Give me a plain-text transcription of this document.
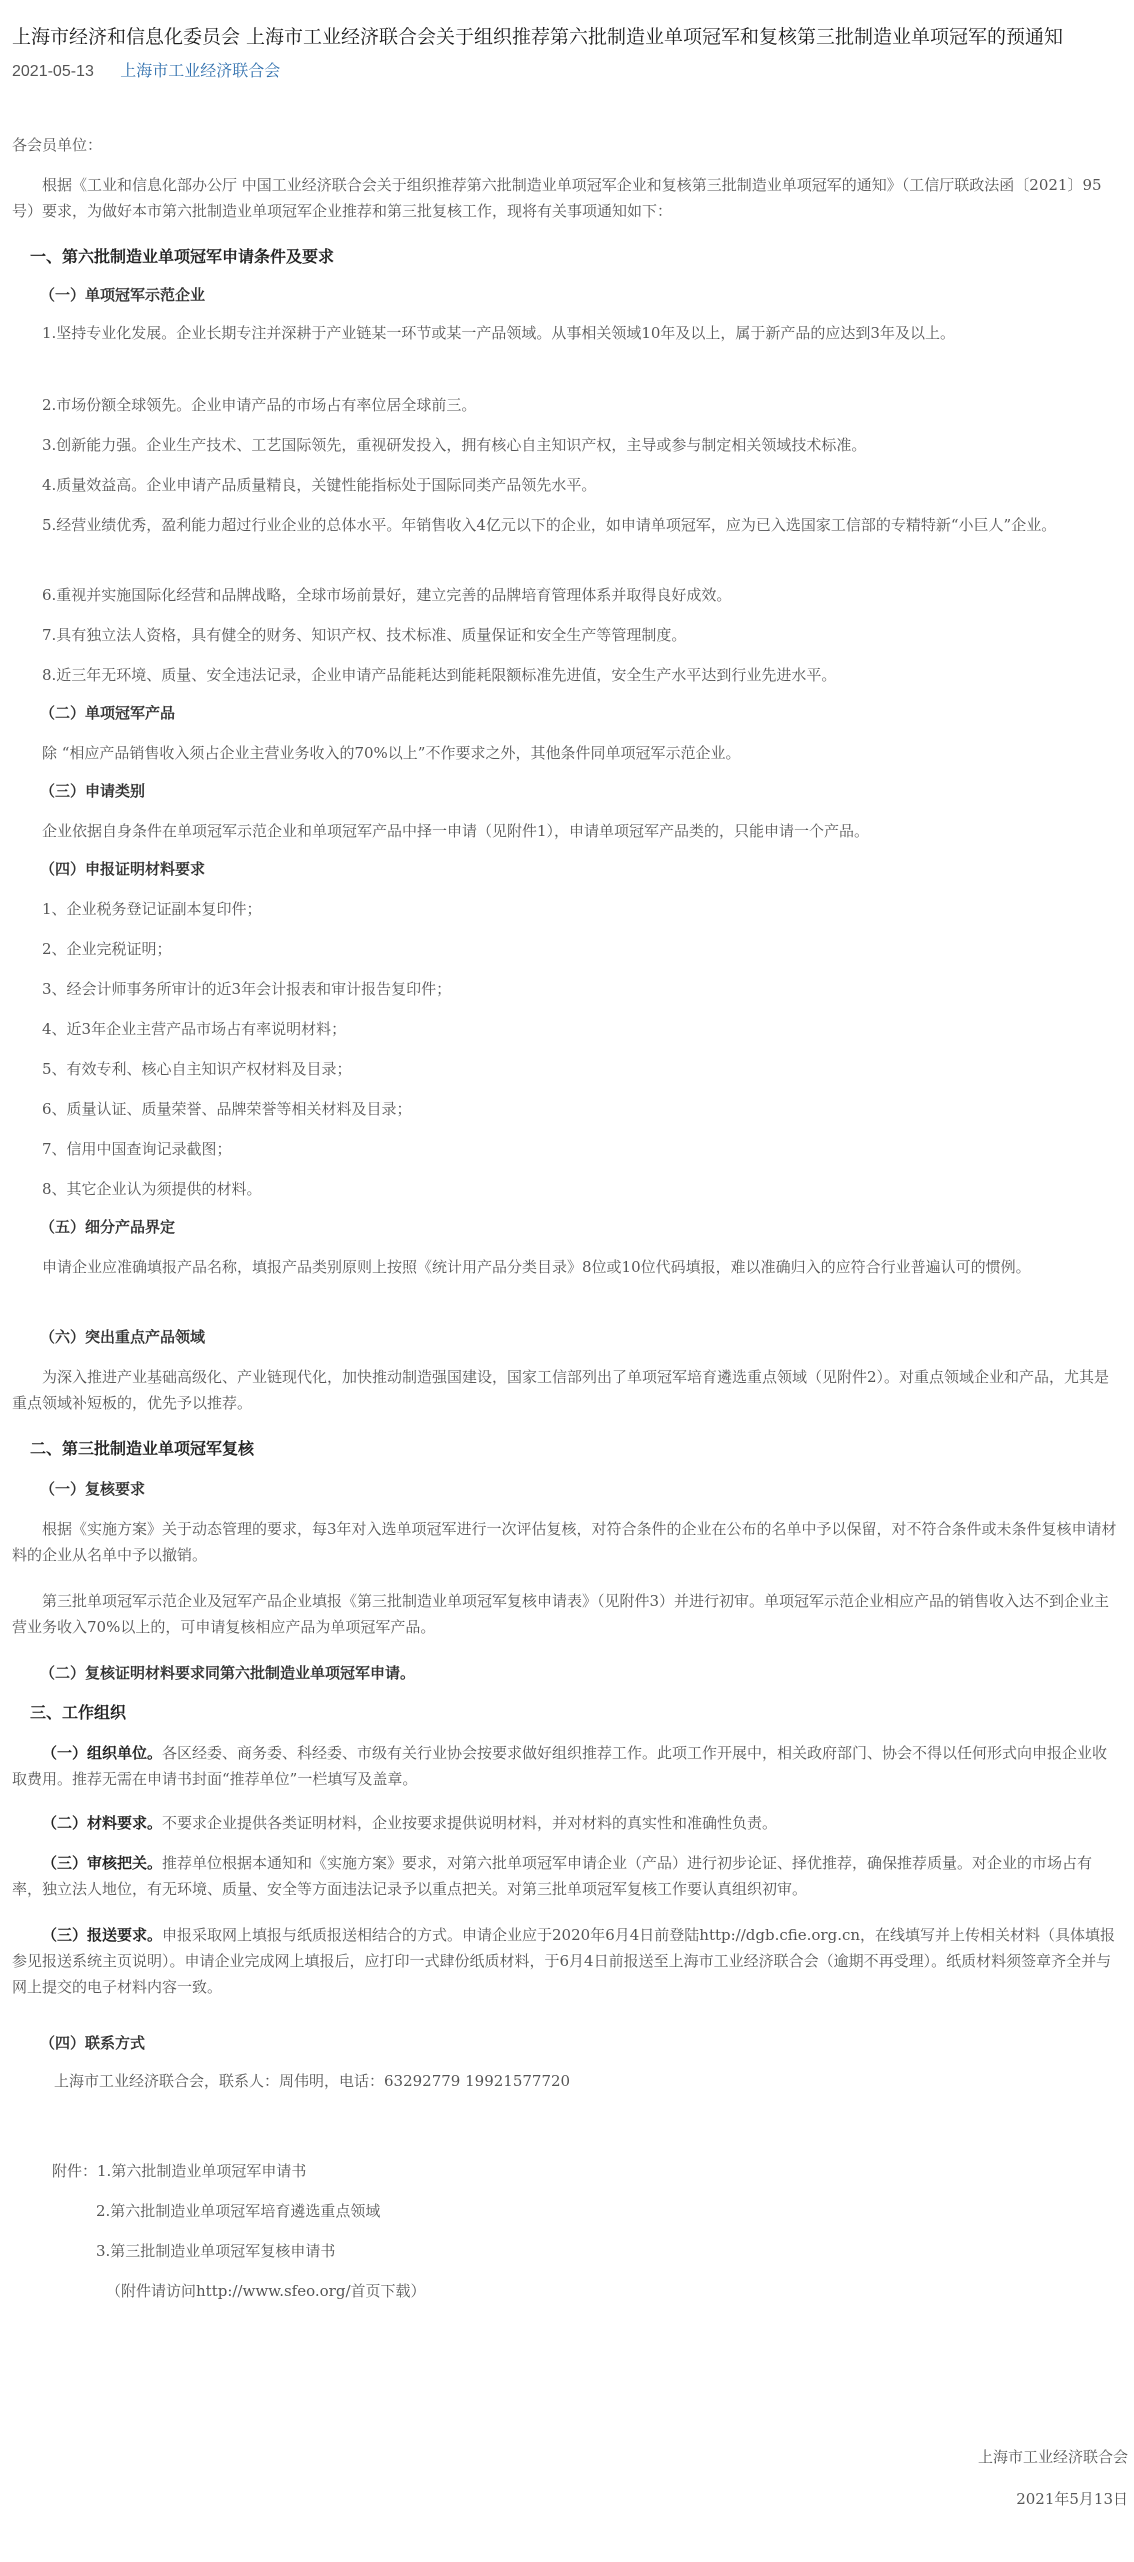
上海市经济和信息化委员会 上海市工业经济联合会关于组织推荐第六批制造业单项冠军和复核第三批制造业单项冠军的预通知
2021-05-13 上海市工业经济联合会
各会员单位：
根据《工业和信息化部办公厅 中国工业经济联合会关于组织推荐第六批制造业单项冠军企业和复核第三批制造业单项冠军的通知》（工信厅联政法函〔2021〕95号）要求，为做好本市第六批制造业单项冠军企业推荐和第三批复核工作，现将有关事项通知如下：
一、第六批制造业单项冠军申请条件及要求
（一）单项冠军示范企业
1.坚持专业化发展。企业长期专注并深耕于产业链某一环节或某一产品领域。从事相关领域10年及以上，属于新产品的应达到3年及以上。
2.市场份额全球领先。企业申请产品的市场占有率位居全球前三。
3.创新能力强。企业生产技术、工艺国际领先，重视研发投入，拥有核心自主知识产权，主导或参与制定相关领域技术标准。
4.质量效益高。企业申请产品质量精良，关键性能指标处于国际同类产品领先水平。
5.经营业绩优秀，盈利能力超过行业企业的总体水平。年销售收入4亿元以下的企业，如申请单项冠军，应为已入选国家工信部的专精特新“小巨人”企业。
6.重视并实施国际化经营和品牌战略，全球市场前景好，建立完善的品牌培育管理体系并取得良好成效。
7.具有独立法人资格，具有健全的财务、知识产权、技术标准、质量保证和安全生产等管理制度。
8.近三年无环境、质量、安全违法记录，企业申请产品能耗达到能耗限额标准先进值，安全生产水平达到行业先进水平。
（二）单项冠军产品
除 “相应产品销售收入须占企业主营业务收入的70%以上”不作要求之外，其他条件同单项冠军示范企业。
（三）申请类别
企业依据自身条件在单项冠军示范企业和单项冠军产品中择一申请（见附件1），申请单项冠军产品类的，只能申请一个产品。
（四）申报证明材料要求
1、企业税务登记证副本复印件；
2、企业完税证明；
3、经会计师事务所审计的近3年会计报表和审计报告复印件；
4、近3年企业主营产品市场占有率说明材料；
5、有效专利、核心自主知识产权材料及目录；
6、质量认证、质量荣誉、品牌荣誉等相关材料及目录；
7、信用中国查询记录截图；
8、其它企业认为须提供的材料。
（五）细分产品界定
申请企业应准确填报产品名称，填报产品类别原则上按照《统计用产品分类目录》8位或10位代码填报，难以准确归入的应符合行业普遍认可的惯例。
（六）突出重点产品领域
为深入推进产业基础高级化、产业链现代化，加快推动制造强国建设，国家工信部列出了单项冠军培育遴选重点领域（见附件2）。对重点领域企业和产品，尤其是重点领域补短板的，优先予以推荐。
二、第三批制造业单项冠军复核
（一）复核要求
根据《实施方案》关于动态管理的要求，每3年对入选单项冠军进行一次评估复核，对符合条件的企业在公布的名单中予以保留，对不符合条件或未条件复核申请材料的企业从名单中予以撤销。
第三批单项冠军示范企业及冠军产品企业填报《第三批制造业单项冠军复核申请表》（见附件3）并进行初审。单项冠军示范企业相应产品的销售收入达不到企业主营业务收入70%以上的，可申请复核相应产品为单项冠军产品。
（二）复核证明材料要求同第六批制造业单项冠军申请。
三、工作组织
（一）组织单位。各区经委、商务委、科经委、市级有关行业协会按要求做好组织推荐工作。此项工作开展中，相关政府部门、协会不得以任何形式向申报企业收取费用。推荐无需在申请书封面“推荐单位”一栏填写及盖章。
（二）材料要求。不要求企业提供各类证明材料，企业按要求提供说明材料，并对材料的真实性和准确性负责。
（三）审核把关。推荐单位根据本通知和《实施方案》要求，对第六批单项冠军申请企业（产品）进行初步论证、择优推荐，确保推荐质量。对企业的市场占有率，独立法人地位，有无环境、质量、安全等方面违法记录予以重点把关。对第三批单项冠军复核工作要认真组织初审。
（三）报送要求。申报采取网上填报与纸质报送相结合的方式。申请企业应于2020年6月4日前登陆http://dgb.cfie.org.cn，在线填写并上传相关材料（具体填报参见报送系统主页说明）。申请企业完成网上填报后，应打印一式肆份纸质材料，于6月4日前报送至上海市工业经济联合会（逾期不再受理）。纸质材料须签章齐全并与网上提交的电子材料内容一致。
（四）联系方式
上海市工业经济联合会，联系人：周伟明，电话：63292779 19921577720
附件：1.第六批制造业单项冠军申请书
2.第六批制造业单项冠军培育遴选重点领域
3.第三批制造业单项冠军复核申请书
（附件请访问http://www.sfeo.org/首页下载）
上海市工业经济联合会
2021年5月13日
